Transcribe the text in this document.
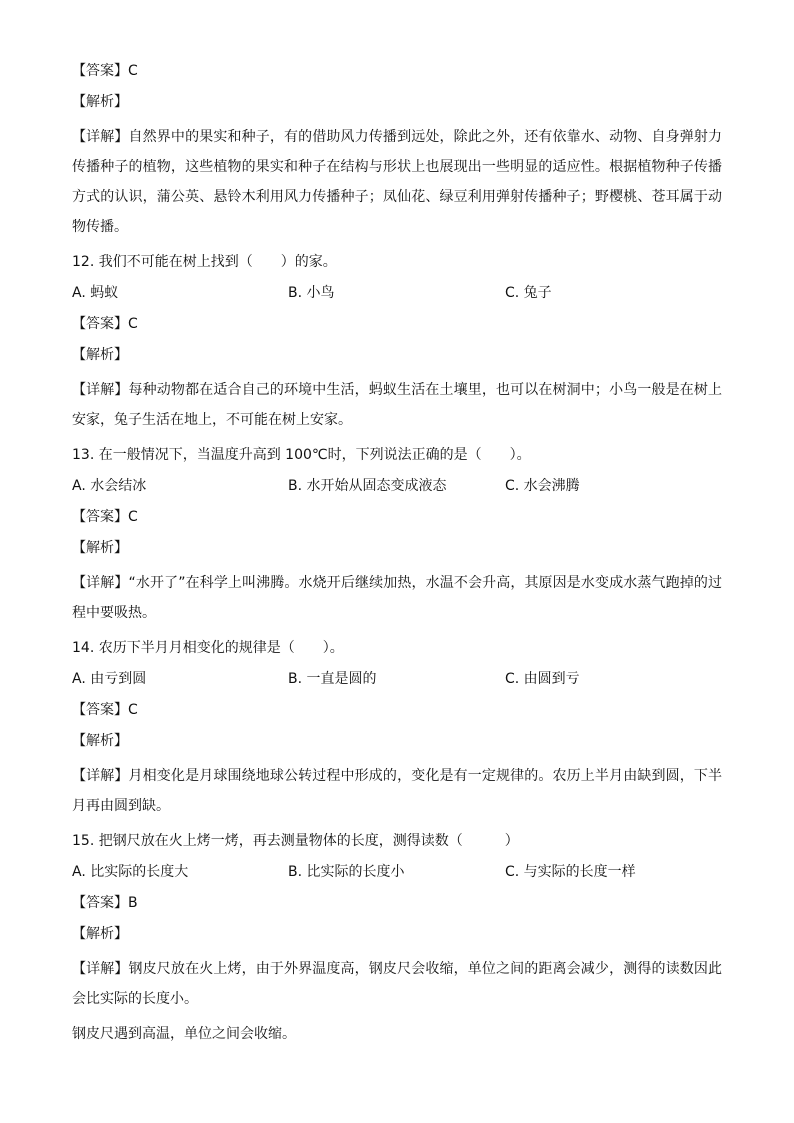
【答案】C
【解析】
【详解】自然界中的果实和种子，有的借助风力传播到远处，除此之外，还有依靠水、动物、自身弹射力传播种子的植物，这些植物的果实和种子在结构与形状上也展现出一些明显的适应性。根据植物种子传播方式的认识，蒲公英、悬铃木利用风力传播种子；凤仙花、绿豆利用弹射传播种子；野樱桃、苍耳属于动物传播。
12. 我们不可能在树上找到（　　）的家。
A. 蚂蚁	B. 小鸟	C. 兔子
【答案】C
【解析】
【详解】每种动物都在适合自己的环境中生活，蚂蚁生活在土壤里，也可以在树洞中；小鸟一般是在树上安家，兔子生活在地上，不可能在树上安家。
13. 在一般情况下，当温度升高到 100℃时，下列说法正确的是（　　）。
A. 水会结冰	B. 水开始从固态变成液态	C. 水会沸腾
【答案】C
【解析】
【详解】“水开了”在科学上叫沸腾。水烧开后继续加热，水温不会升高，其原因是水变成水蒸气跑掉的过程中要吸热。
14. 农历下半月月相变化的规律是（　　）。
A. 由亏到圆	B. 一直是圆的	C. 由圆到亏
【答案】C
【解析】
【详解】月相变化是月球围绕地球公转过程中形成的，变化是有一定规律的。农历上半月由缺到圆，下半月再由圆到缺。
15. 把钢尺放在火上烤一烤，再去测量物体的长度，测得读数（　　　）
A. 比实际的长度大	B. 比实际的长度小	C. 与实际的长度一样
【答案】B
【解析】
【详解】钢皮尺放在火上烤，由于外界温度高，钢皮尺会收缩，单位之间的距离会减少，测得的读数因此会比实际的长度小。
钢皮尺遇到高温，单位之间会收缩。
